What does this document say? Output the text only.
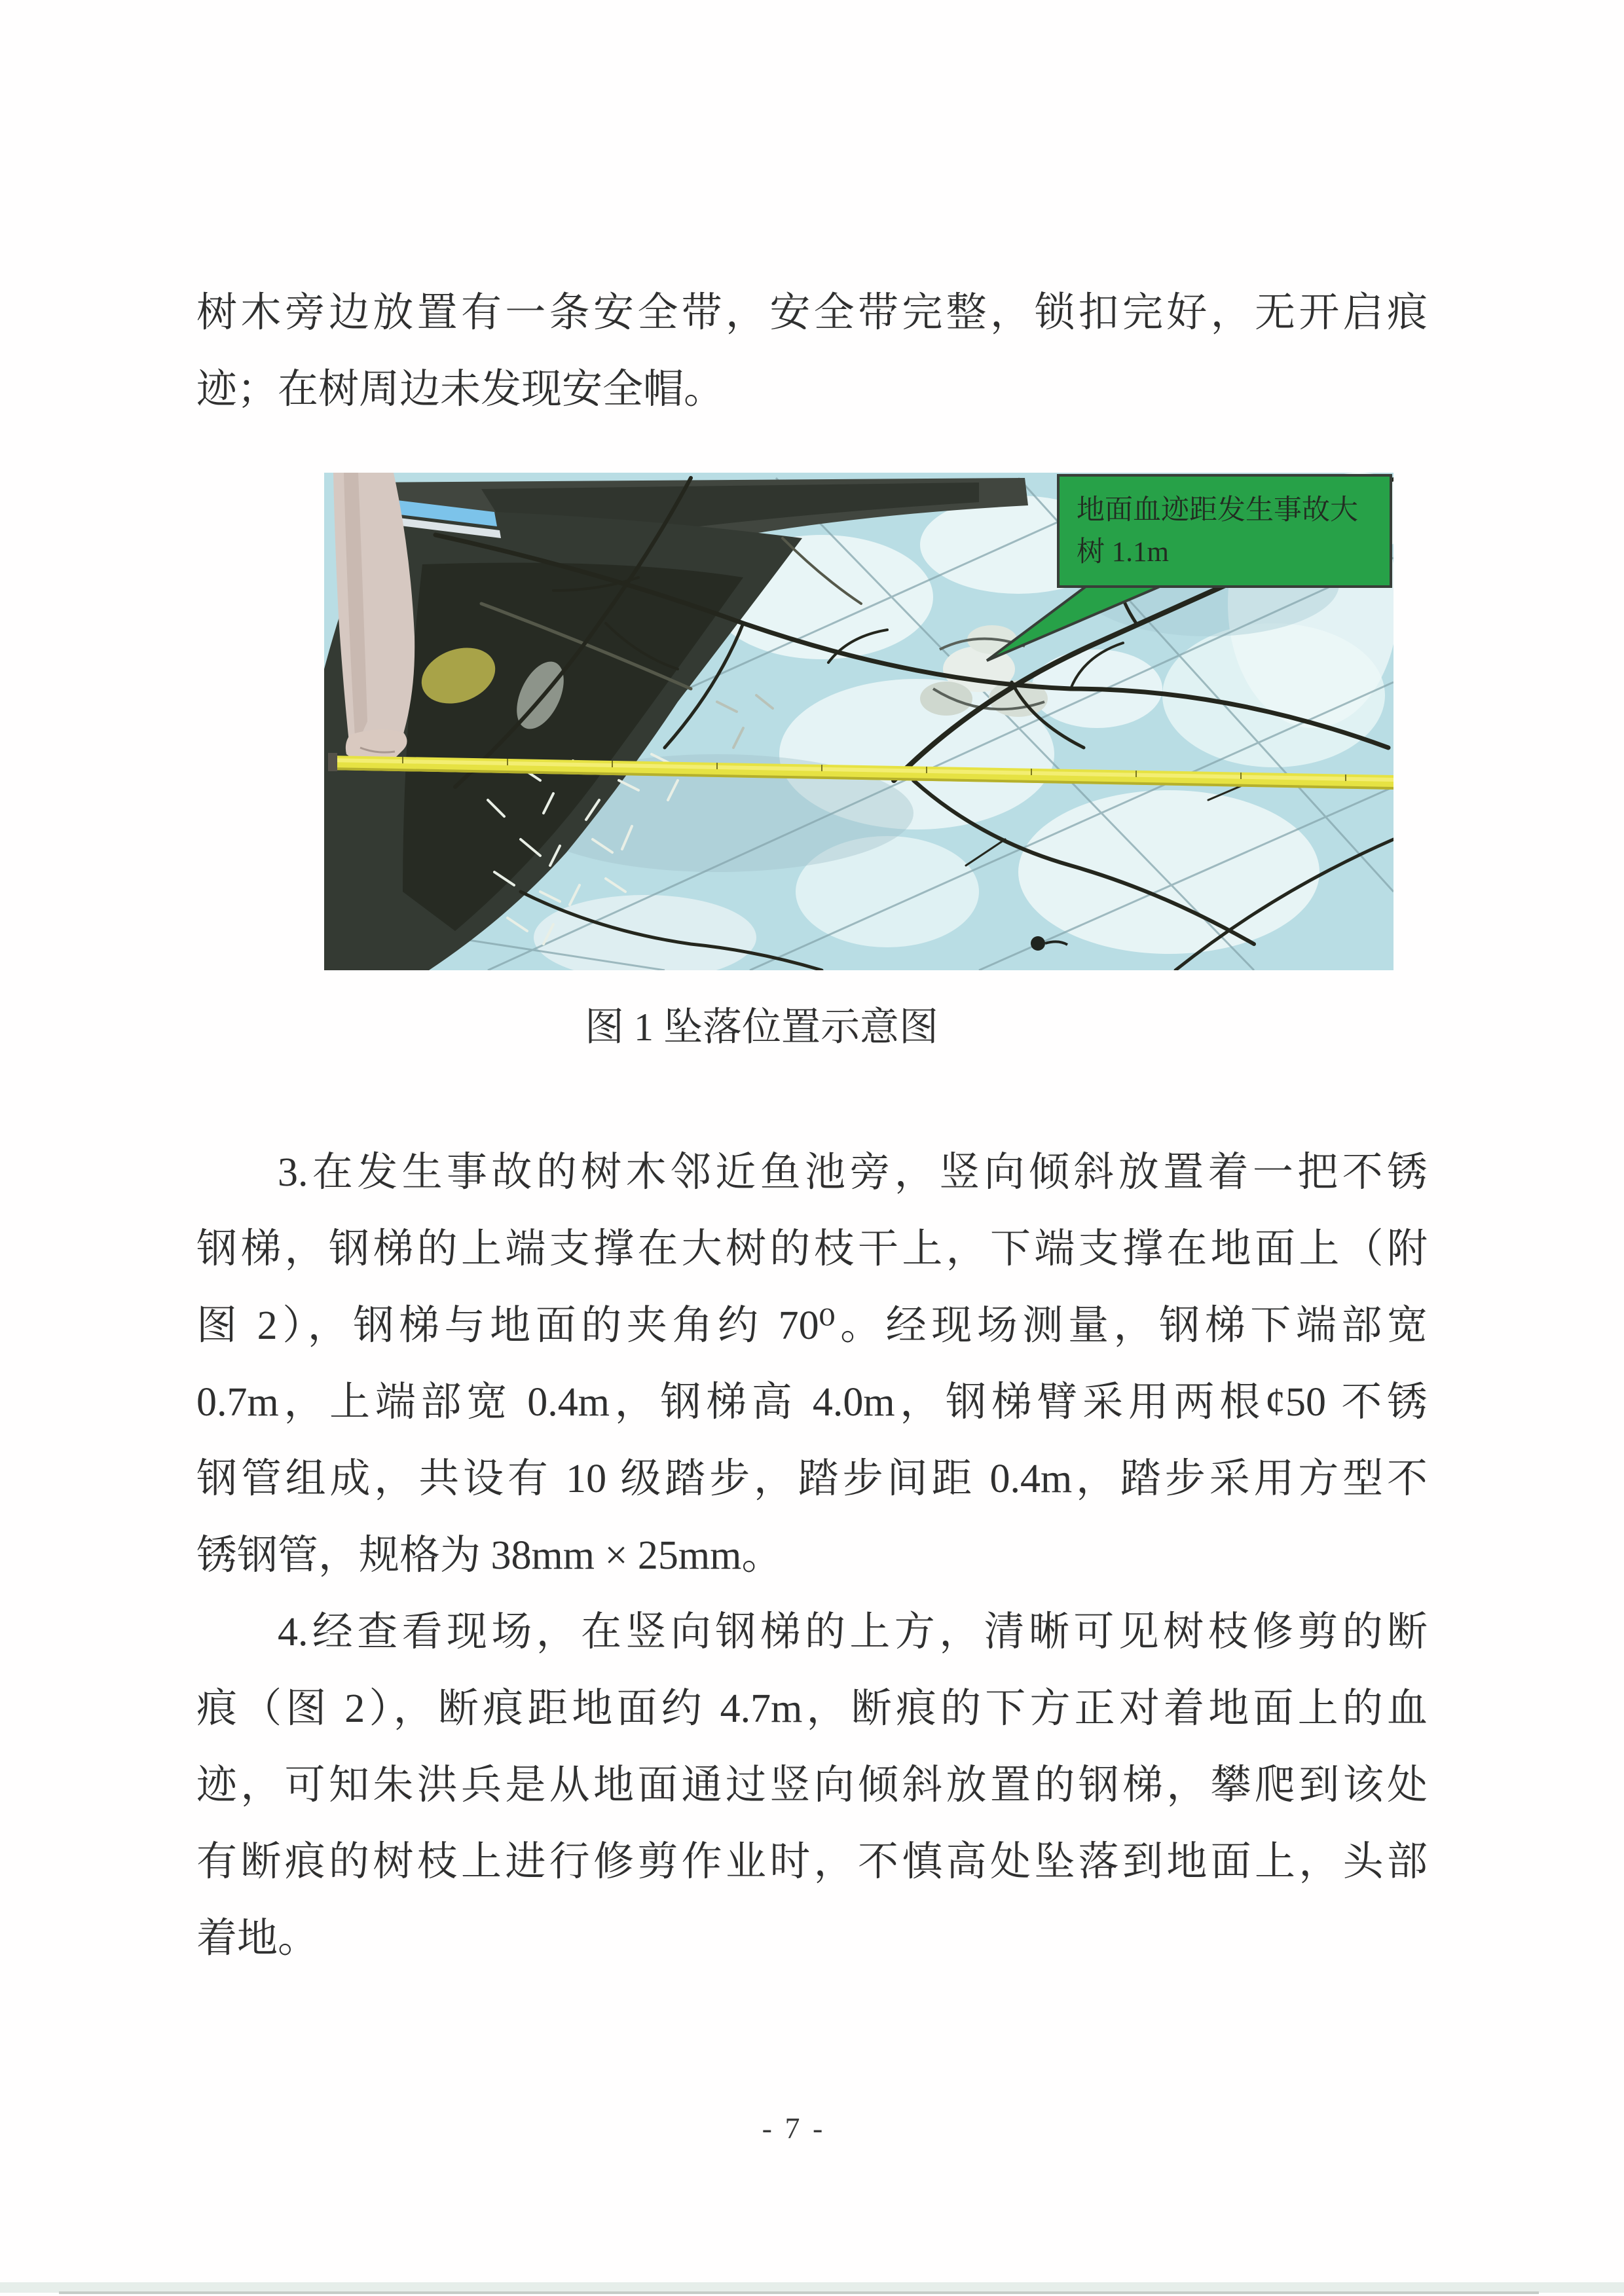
树木旁边放置有一条安全带，安全带完整，锁扣完好，无开启痕
迹；在树周边未发现安全帽。
地面血迹距发生事故大
树 1.1m
图 1 坠落位置示意图
3.在发生事故的树木邻近鱼池旁，竖向倾斜放置着一把不锈
钢梯，钢梯的上端支撑在大树的枝干上，下端支撑在地面上（附
图 2），钢梯与地面的夹角约 70⁰。经现场测量，钢梯下端部宽
0.7m，上端部宽 0.4m，钢梯高 4.0m，钢梯臂采用两根¢50 不锈
钢管组成，共设有 10 级踏步，踏步间距 0.4m，踏步采用方型不
锈钢管，规格为 38mm × 25mm。
4.经查看现场，在竖向钢梯的上方，清晰可见树枝修剪的断
痕（图 2），断痕距地面约 4.7m，断痕的下方正对着地面上的血
迹，可知朱洪兵是从地面通过竖向倾斜放置的钢梯，攀爬到该处
有断痕的树枝上进行修剪作业时，不慎高处坠落到地面上，头部
着地。
- 7 -
